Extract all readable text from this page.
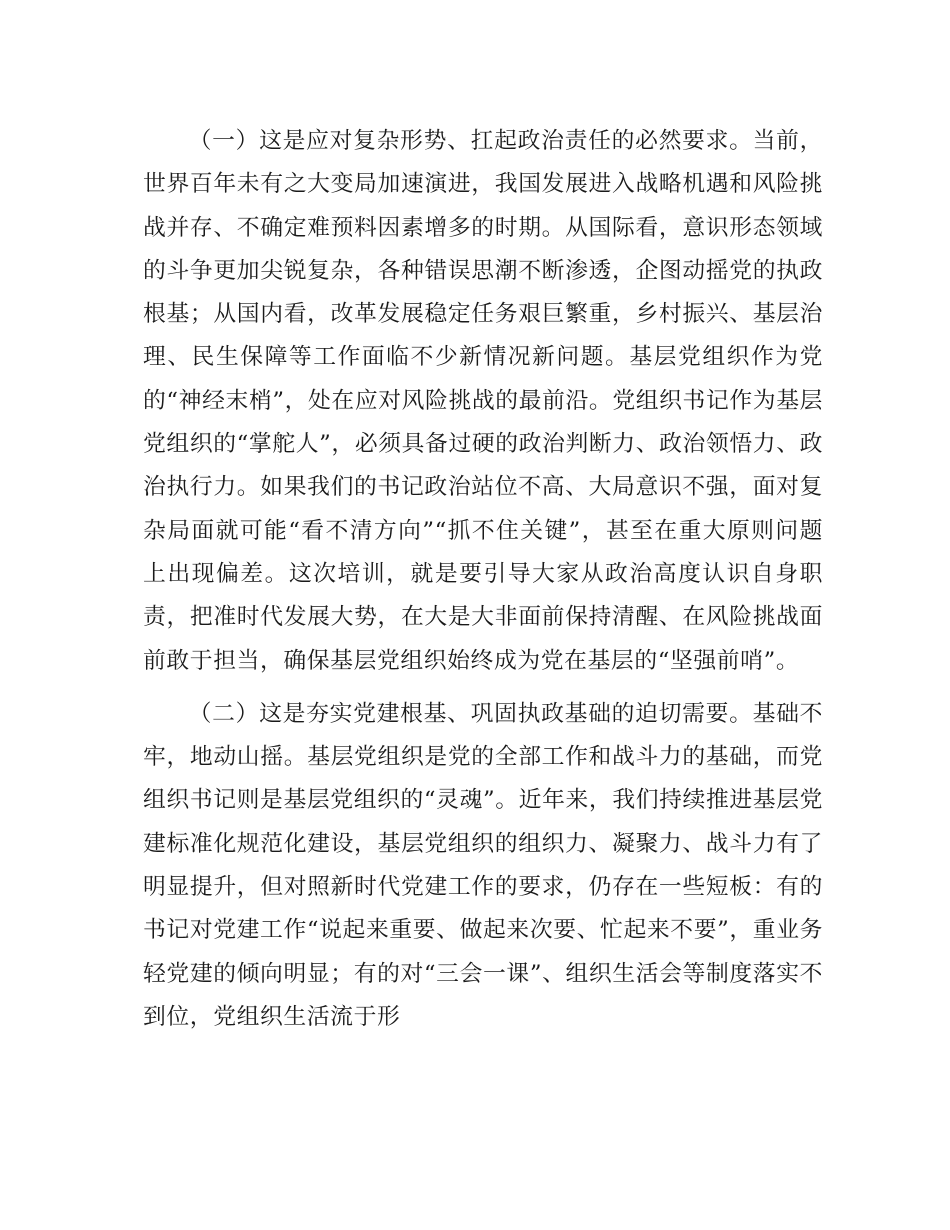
（一）这是应对复杂形势、扛起政治责任的必然要求。当前，世界百年未有之大变局加速演进，我国发展进入战略机遇和风险挑战并存、不确定难预料因素增多的时期。从国际看，意识形态领域的斗争更加尖锐复杂，各种错误思潮不断渗透，企图动摇党的执政根基；从国内看，改革发展稳定任务艰巨繁重，乡村振兴、基层治理、民生保障等工作面临不少新情况新问题。基层党组织作为党的“神经末梢”，处在应对风险挑战的最前沿。党组织书记作为基层党组织的“掌舵人”，必须具备过硬的政治判断力、政治领悟力、政治执行力。如果我们的书记政治站位不高、大局意识不强，面对复杂局面就可能“看不清方向”“抓不住关键”，甚至在重大原则问题上出现偏差。这次培训，就是要引导大家从政治高度认识自身职责，把准时代发展大势，在大是大非面前保持清醒、在风险挑战面前敢于担当，确保基层党组织始终成为党在基层的“坚强前哨”。

（二）这是夯实党建根基、巩固执政基础的迫切需要。基础不牢，地动山摇。基层党组织是党的全部工作和战斗力的基础，而党组织书记则是基层党组织的“灵魂”。近年来，我们持续推进基层党建标准化规范化建设，基层党组织的组织力、凝聚力、战斗力有了明显提升，但对照新时代党建工作的要求，仍存在一些短板：有的书记对党建工作“说起来重要、做起来次要、忙起来不要”，重业务轻党建的倾向明显；有的对“三会一课”、组织生活会等制度落实不到位，党组织生活流于形
